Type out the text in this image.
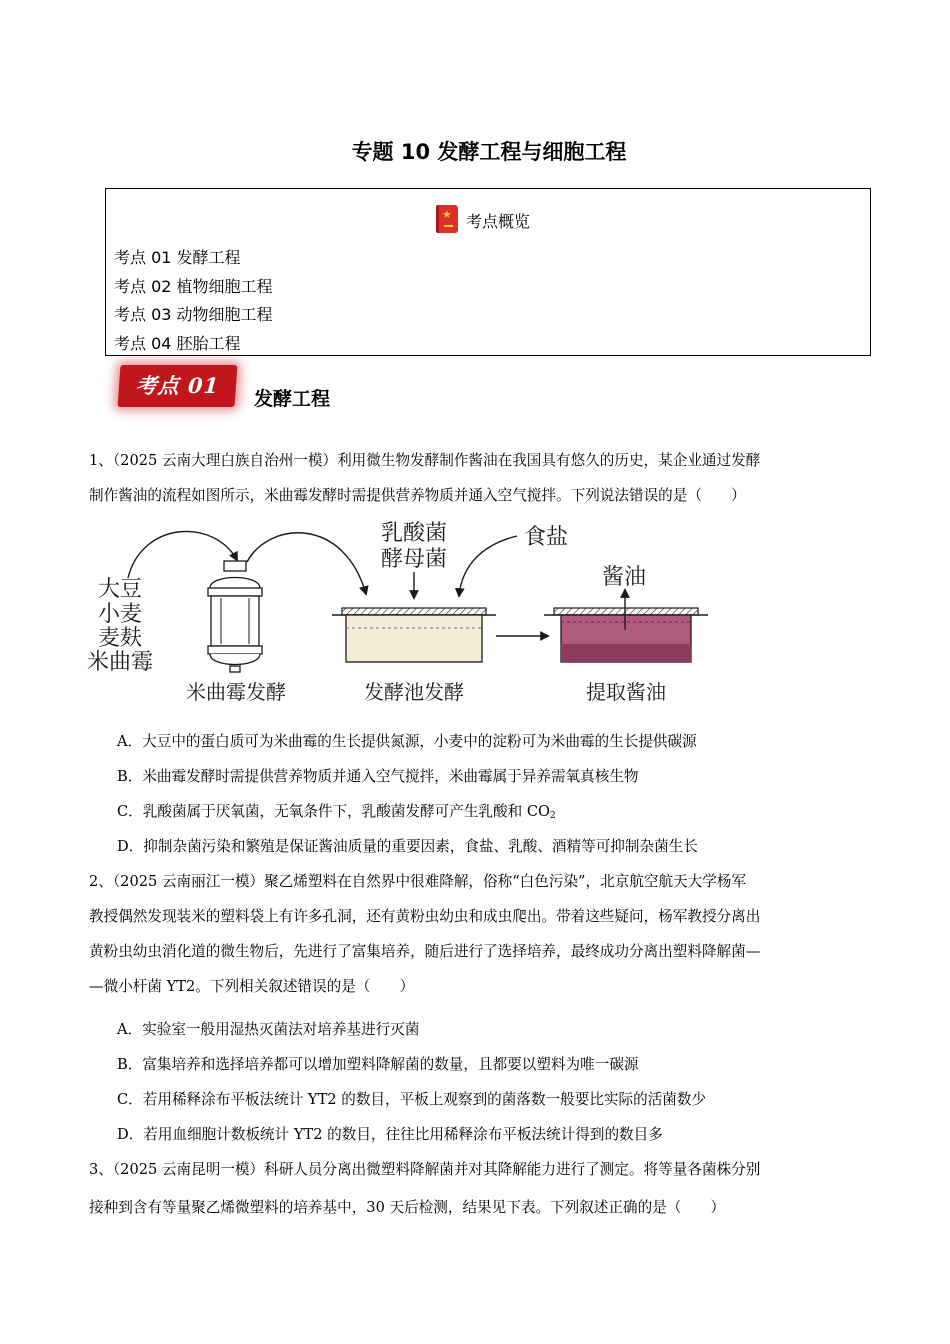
专题 10 发酵工程与细胞工程
★
考点概览
考点 01 发酵工程
考点 02 植物细胞工程
考点 03 动物细胞工程
考点 04 胚胎工程
考点 01
发酵工程
1、（2025 云南大理白族自治州一模）利用微生物发酵制作酱油在我国具有悠久的历史，某企业通过发酵
制作酱油的流程如图所示，米曲霉发酵时需提供营养物质并通入空气搅拌。下列说法错误的是（　　）
大豆
小麦
麦麸
米曲霉
乳酸菌
酵母菌
食盐
酱油
米曲霉发酵	发酵池发酵	提取酱油
A．大豆中的蛋白质可为米曲霉的生长提供氮源，小麦中的淀粉可为米曲霉的生长提供碳源
B．米曲霉发酵时需提供营养物质并通入空气搅拌，米曲霉属于异养需氧真核生物
C．乳酸菌属于厌氧菌，无氧条件下，乳酸菌发酵可产生乳酸和 $CO_2$
D．抑制杂菌污染和繁殖是保证酱油质量的重要因素，食盐、乳酸、酒精等可抑制杂菌生长
2、（2025 云南丽江一模）聚乙烯塑料在自然界中很难降解，俗称“白色污染”，北京航空航天大学杨军
教授偶然发现装米的塑料袋上有许多孔洞，还有黄粉虫幼虫和成虫爬出。带着这些疑问，杨军教授分离出
黄粉虫幼虫消化道的微生物后，先进行了富集培养，随后进行了选择培养，最终成功分离出塑料降解菌—
—微小杆菌 YT2。下列相关叙述错误的是（　　）
A．实验室一般用湿热灭菌法对培养基进行灭菌
B．富集培养和选择培养都可以增加塑料降解菌的数量，且都要以塑料为唯一碳源
C．若用稀释涂布平板法统计 YT2 的数目，平板上观察到的菌落数一般要比实际的活菌数少
D．若用血细胞计数板统计 YT2 的数目，往往比用稀释涂布平板法统计得到的数目多
3、（2025 云南昆明一模）科研人员分离出微塑料降解菌并对其降解能力进行了测定。将等量各菌株分别
接种到含有等量聚乙烯微塑料的培养基中，30 天后检测，结果见下表。下列叙述正确的是（　　）
